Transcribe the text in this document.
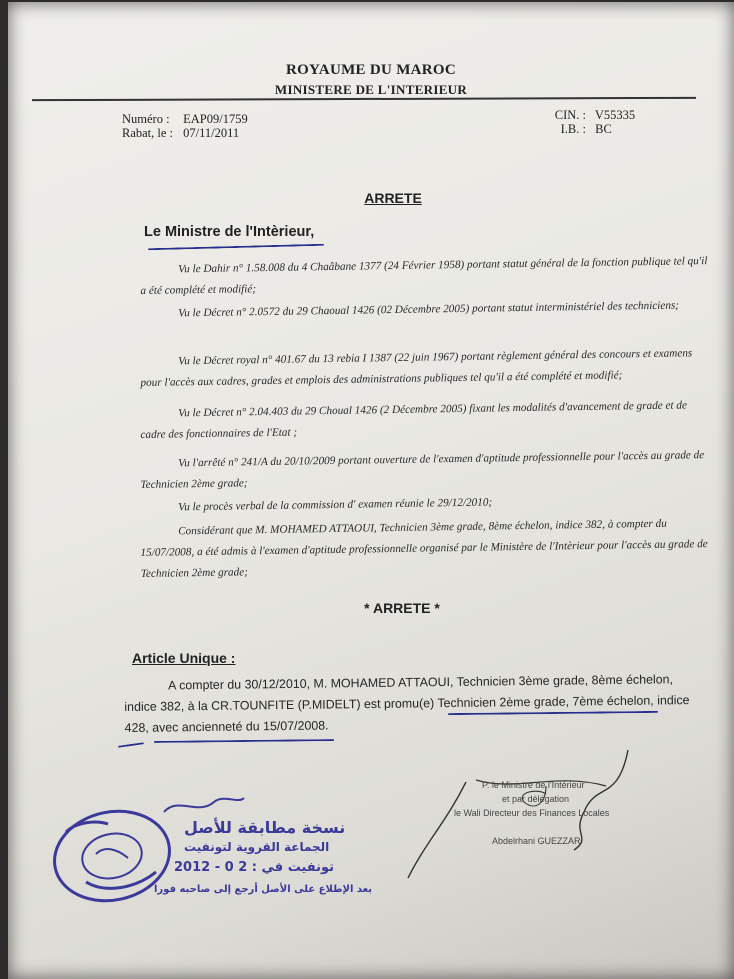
ROYAUME DU MAROC
MINISTERE DE L'INTERIEUR
Numéro : EAP09/1759
Rabat, le : 07/11/2011
CIN. : V55335
I.B. : BC
ARRETE
Le Ministre de l'Intèrieur,
Vu le Dahir n° 1.58.008 du 4 Chaâbane 1377 (24 Février 1958) portant statut général de la fonction publique tel qu'il a été complété et modifié;
Vu le Décret n° 2.0572 du 29 Chaoual 1426 (02 Décembre 2005) portant statut interministériel des techniciens;
Vu le Décret royal n° 401.67 du 13 rebia I 1387 (22 juin 1967) portant règlement général des concours et examens pour l'accès aux cadres, grades et emplois des administrations publiques tel qu'il a été complété et modifié;
Vu le Décret n° 2.04.403 du 29 Choual 1426 (2 Décembre 2005) fixant les modalités d'avancement de grade et de cadre des fonctionnaires de l'Etat ;
Vu l'arrêté n° 241/A du 20/10/2009 portant ouverture de l'examen d'aptitude professionnelle pour l'accès au grade de Technicien 2ème grade;
Vu le procès verbal de la commission d' examen réunie le 29/12/2010;
Considérant que M. MOHAMED ATTAOUI, Technicien 3ème grade, 8ème échelon, indice 382, à compter du 15/07/2008, a été admis à l'examen d'aptitude professionnelle organisé par le Ministère de l'Intèrieur pour l'accès au grade de Technicien 2ème grade;
* ARRETE *
Article Unique :
A compter du 30/12/2010, M. MOHAMED ATTAOUI, Technicien 3ème grade, 8ème échelon, indice 382, à la CR.TOUNFITE (P.MIDELT) est promu(e) Technicien 2ème grade, 7ème échelon, indice 428, avec ancienneté du 15/07/2008.
P. le Ministre de l'Intérieur
et par délégation
le Wali Directeur des Finances Locales
Abdelrhani GUEZZAR
نسخة مطابقة للأصل
الجماعة القروية لتونفيت
تونفيت في : 2 0 - 2012
بعد الإطلاع على الأصل أرجع إلى صاحبه فورا
